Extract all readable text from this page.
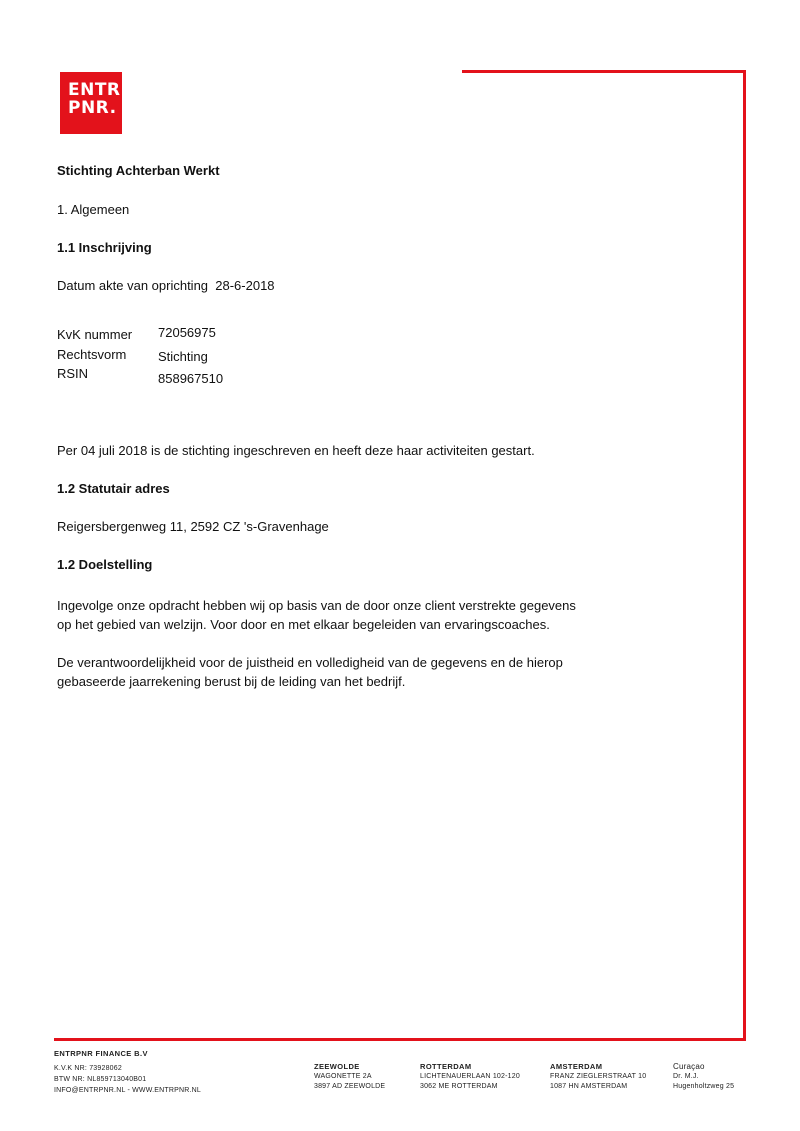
ENTR
PNR.
Stichting Achterban Werkt
1. Algemeen
1.1 Inschrijving
Datum akte van oprichting 28-6-2018
KvK nummer 72056975
Rechtsvorm Stichting
RSIN	858967510
Per 04 juli 2018 is de stichting ingeschreven en heeft deze haar activiteiten gestart.
1.2 Statutair adres
Reigersbergenweg 11, 2592 CZ 's-Gravenhage
1.2 Doelstelling
Ingevolge onze opdracht hebben wij op basis van de door onze client verstrekte gegevens
op het gebied van welzijn. Voor door en met elkaar begeleiden van ervaringscoaches.
De verantwoordelijkheid voor de juistheid en volledigheid van de gegevens en de hierop
gebaseerde jaarrekening berust bij de leiding van het bedrijf.
ENTRPNR FINANCE B.V
K.V.K NR: 73928062
BTW NR: NL859713040B01
INFO@ENTRPNR.NL - WWW.ENTRPNR.NL
ZEEWOLDE
WAGONETTE 2A
3897 AD ZEEWOLDE
ROTTERDAM
LICHTENAUERLAAN 102-120
3062 ME ROTTERDAM
AMSTERDAM
FRANZ ZIEGLERSTRAAT 10
1087 HN AMSTERDAM
Curaçao
Dr. M.J.
Hugenholtzweg 25
